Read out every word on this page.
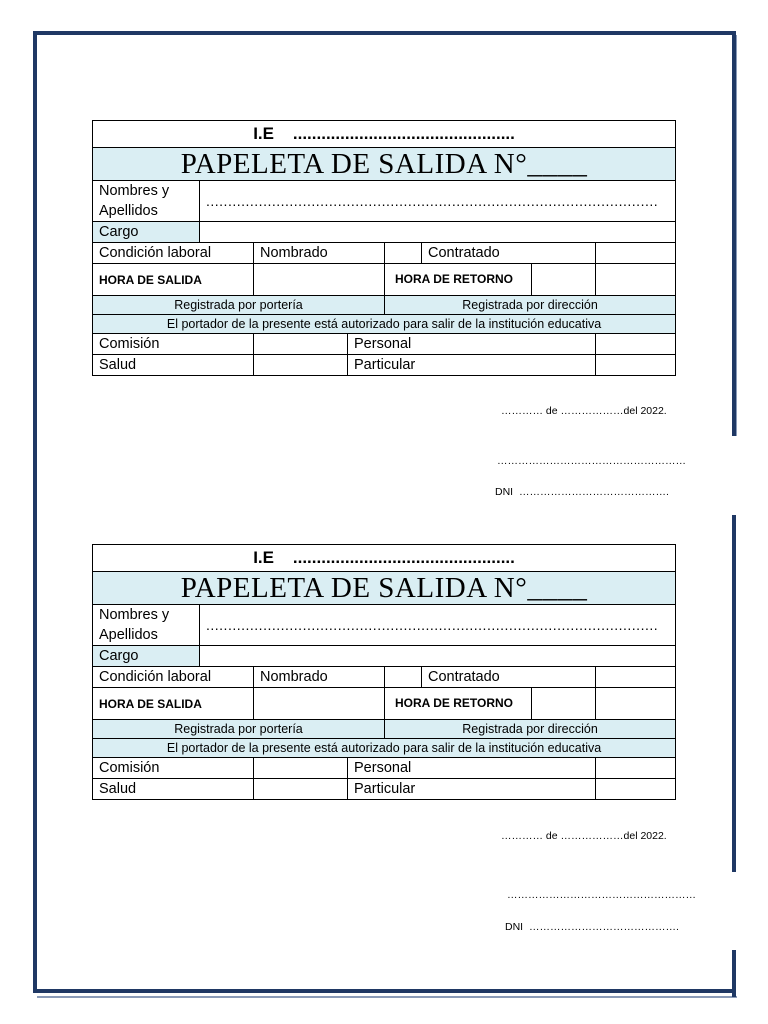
I.E ...............................................					
PAPELETA DE SALIDA N°____					
Nombres y Apellidos	.......................................................................................................				
Cargo					
Condición laboral		Nombrado		Contratado	

HORA DE SALIDA				HORA DE RETORNO	

Registrada por portería				Registrada por dirección	
El portador de la presente está autorizado para salir de la institución educativa					
Comisión			Personal		
Salud			Particular		
………… de ………………del 2022.
………………………………………………
DNI …………………………………….
I.E ...............................................					
PAPELETA DE SALIDA N°____					
Nombres y Apellidos	.......................................................................................................				
Cargo					
Condición laboral		Nombrado		Contratado	

HORA DE SALIDA				HORA DE RETORNO	

Registrada por portería				Registrada por dirección	
El portador de la presente está autorizado para salir de la institución educativa					
Comisión			Personal		
Salud			Particular		
………… de ………………del 2022.
………………………………………………
DNI …………………………………….
